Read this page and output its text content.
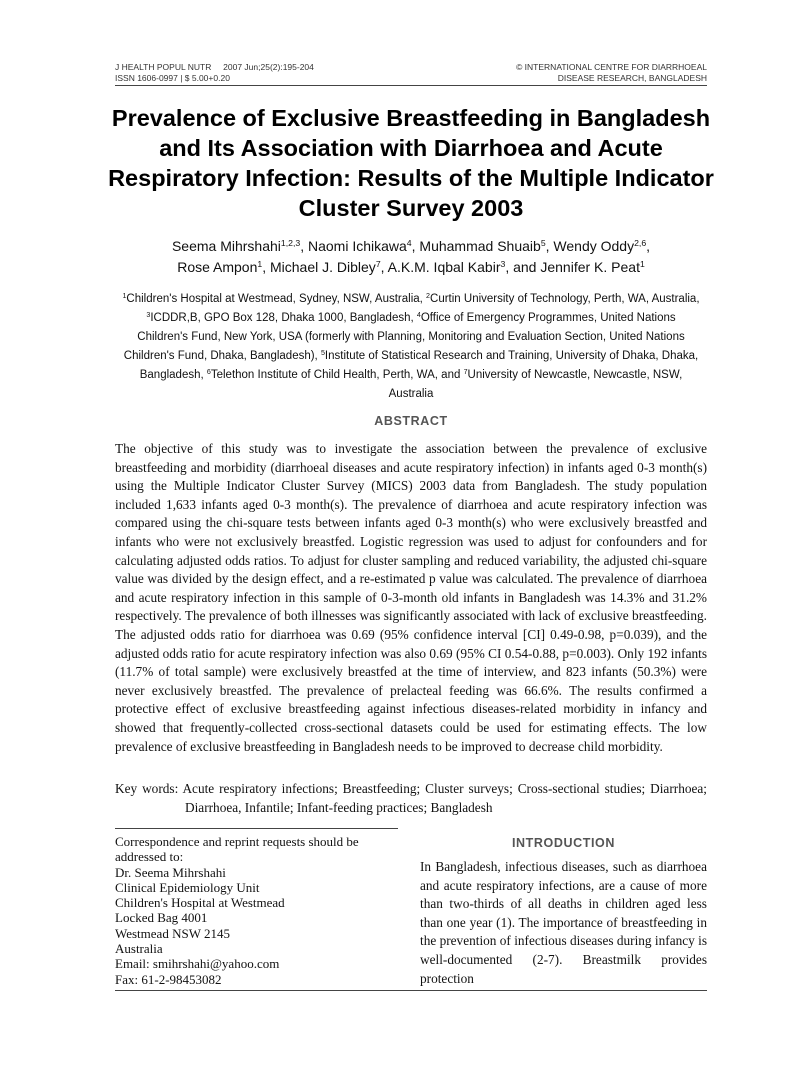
J HEALTH POPUL NUTR     2007 Jun;25(2):195-204
ISSN 1606-0997 | $ 5.00+0.20
© INTERNATIONAL CENTRE FOR DIARRHOEAL
DISEASE RESEARCH, BANGLADESH
Prevalence of Exclusive Breastfeeding in Bangladesh and Its Association with Diarrhoea and Acute Respiratory Infection: Results of the Multiple Indicator Cluster Survey 2003
Seema Mihrshahi$^{1,2,3}$, Naomi Ichikawa$^4$, Muhammad Shuaib$^5$, Wendy Oddy$^{2,6}$,
Rose Ampon$^1$, Michael J. Dibley$^7$, A.K.M. Iqbal Kabir$^3$, and Jennifer K. Peat$^1$
$^1$Children's Hospital at Westmead, Sydney, NSW, Australia, $^2$Curtin University of Technology, Perth, WA, Australia, $^3$ICDDR,B, GPO Box 128, Dhaka 1000, Bangladesh, $^4$Office of Emergency Programmes, United Nations Children's Fund, New York, USA (formerly with Planning, Monitoring and Evaluation Section, United Nations Children's Fund, Dhaka, Bangladesh), $^5$Institute of Statistical Research and Training, University of Dhaka, Dhaka, Bangladesh, $^6$Telethon Institute of Child Health, Perth, WA, and $^7$University of Newcastle, Newcastle, NSW, Australia
ABSTRACT

The objective of this study was to investigate the association between the prevalence of exclusive breastfeeding and morbidity (diarrhoeal diseases and acute respiratory infection) in infants aged 0-3 month(s) using the Multiple Indicator Cluster Survey (MICS) 2003 data from Bangladesh. The study population included 1,633 infants aged 0-3 month(s). The prevalence of diarrhoea and acute respiratory infection was compared using the chi-square tests between infants aged 0-3 month(s) who were exclusively breastfed and infants who were not exclusively breastfed. Logistic regression was used to adjust for confounders and for calculating adjusted odds ratios. To adjust for cluster sampling and reduced variability, the adjusted chi-square value was divided by the design effect, and a re-estimated p value was calculated. The prevalence of diarrhoea and acute respiratory infection in this sample of 0-3-month old infants in Bangladesh was 14.3% and 31.2% respectively. The prevalence of both illnesses was significantly associated with lack of exclusive breastfeeding. The adjusted odds ratio for diarrhoea was 0.69 (95% confidence interval [CI] 0.49-0.98, p=0.039), and the adjusted odds ratio for acute respiratory infection was also 0.69 (95% CI 0.54-0.88, p=0.003). Only 192 infants (11.7% of total sample) were exclusively breastfed at the time of interview, and 823 infants (50.3%) were never exclusively breastfed. The prevalence of prelacteal feeding was 66.6%. The results confirmed a protective effect of exclusive breastfeeding against infectious diseases-related morbidity in infancy and showed that frequently-collected cross-sectional datasets could be used for estimating effects. The low prevalence of exclusive breastfeeding in Bangladesh needs to be improved to decrease child morbidity.

Key words: Acute respiratory infections; Breastfeeding; Cluster surveys; Cross-sectional studies; Diarrhoea; Diarrhoea, Infantile; Infant-feeding practices; Bangladesh
Correspondence and reprint requests should be
addressed to:
Dr. Seema Mihrshahi
Clinical Epidemiology Unit
Children's Hospital at Westmead
Locked Bag 4001
Westmead NSW 2145
Australia
Email: smihrshahi@yahoo.com
Fax: 61-2-98453082
INTRODUCTION

In Bangladesh, infectious diseases, such as diarrhoea and acute respiratory infections, are a cause of more than two-thirds of all deaths in children aged less than one year (1). The importance of breastfeeding in the prevention of infectious diseases during infancy is well-documented (2-7). Breastmilk provides protection
